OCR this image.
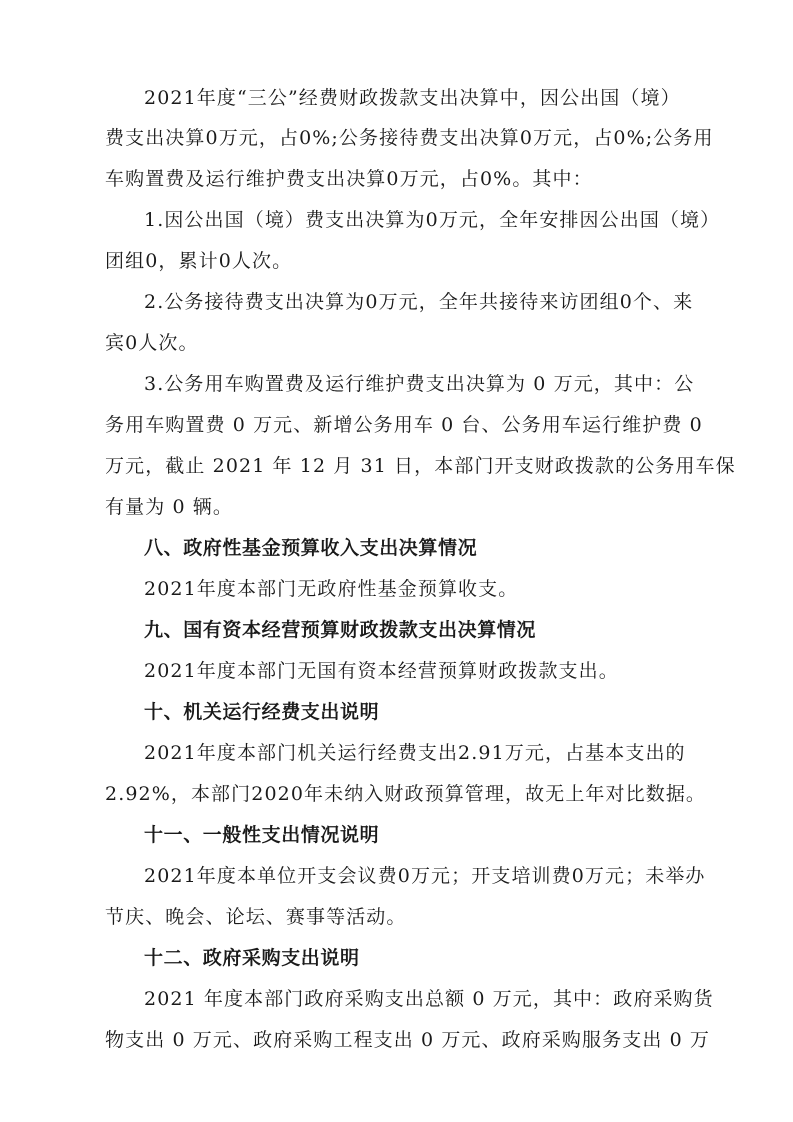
2021年度“三公”经费财政拨款支出决算中，因公出国（境）
费支出决算0万元，占0%;公务接待费支出决算0万元，占0%;公务用
车购置费及运行维护费支出决算0万元，占0%。其中：
1.因公出国（境）费支出决算为0万元，全年安排因公出国（境）
团组0，累计0人次。
2.公务接待费支出决算为0万元，全年共接待来访团组0个、来
宾0人次。
3.公务用车购置费及运行维护费支出决算为 0 万元，其中：公
务用车购置费 0 万元、新增公务用车 0 台、公务用车运行维护费 0
万元，截止 2021 年 12 月 31 日，本部门开支财政拨款的公务用车保
有量为 0 辆。
八、政府性基金预算收入支出决算情况
2021年度本部门无政府性基金预算收支。
九、国有资本经营预算财政拨款支出决算情况
2021年度本部门无国有资本经营预算财政拨款支出。
十、机关运行经费支出说明
2021年度本部门机关运行经费支出2.91万元，占基本支出的
2.92%，本部门2020年未纳入财政预算管理，故无上年对比数据。
十一、一般性支出情况说明
2021年度本单位开支会议费0万元；开支培训费0万元；未举办
节庆、晚会、论坛、赛事等活动。
十二、政府采购支出说明
2021 年度本部门政府采购支出总额 0 万元，其中：政府采购货
物支出 0 万元、政府采购工程支出 0 万元、政府采购服务支出 0 万
